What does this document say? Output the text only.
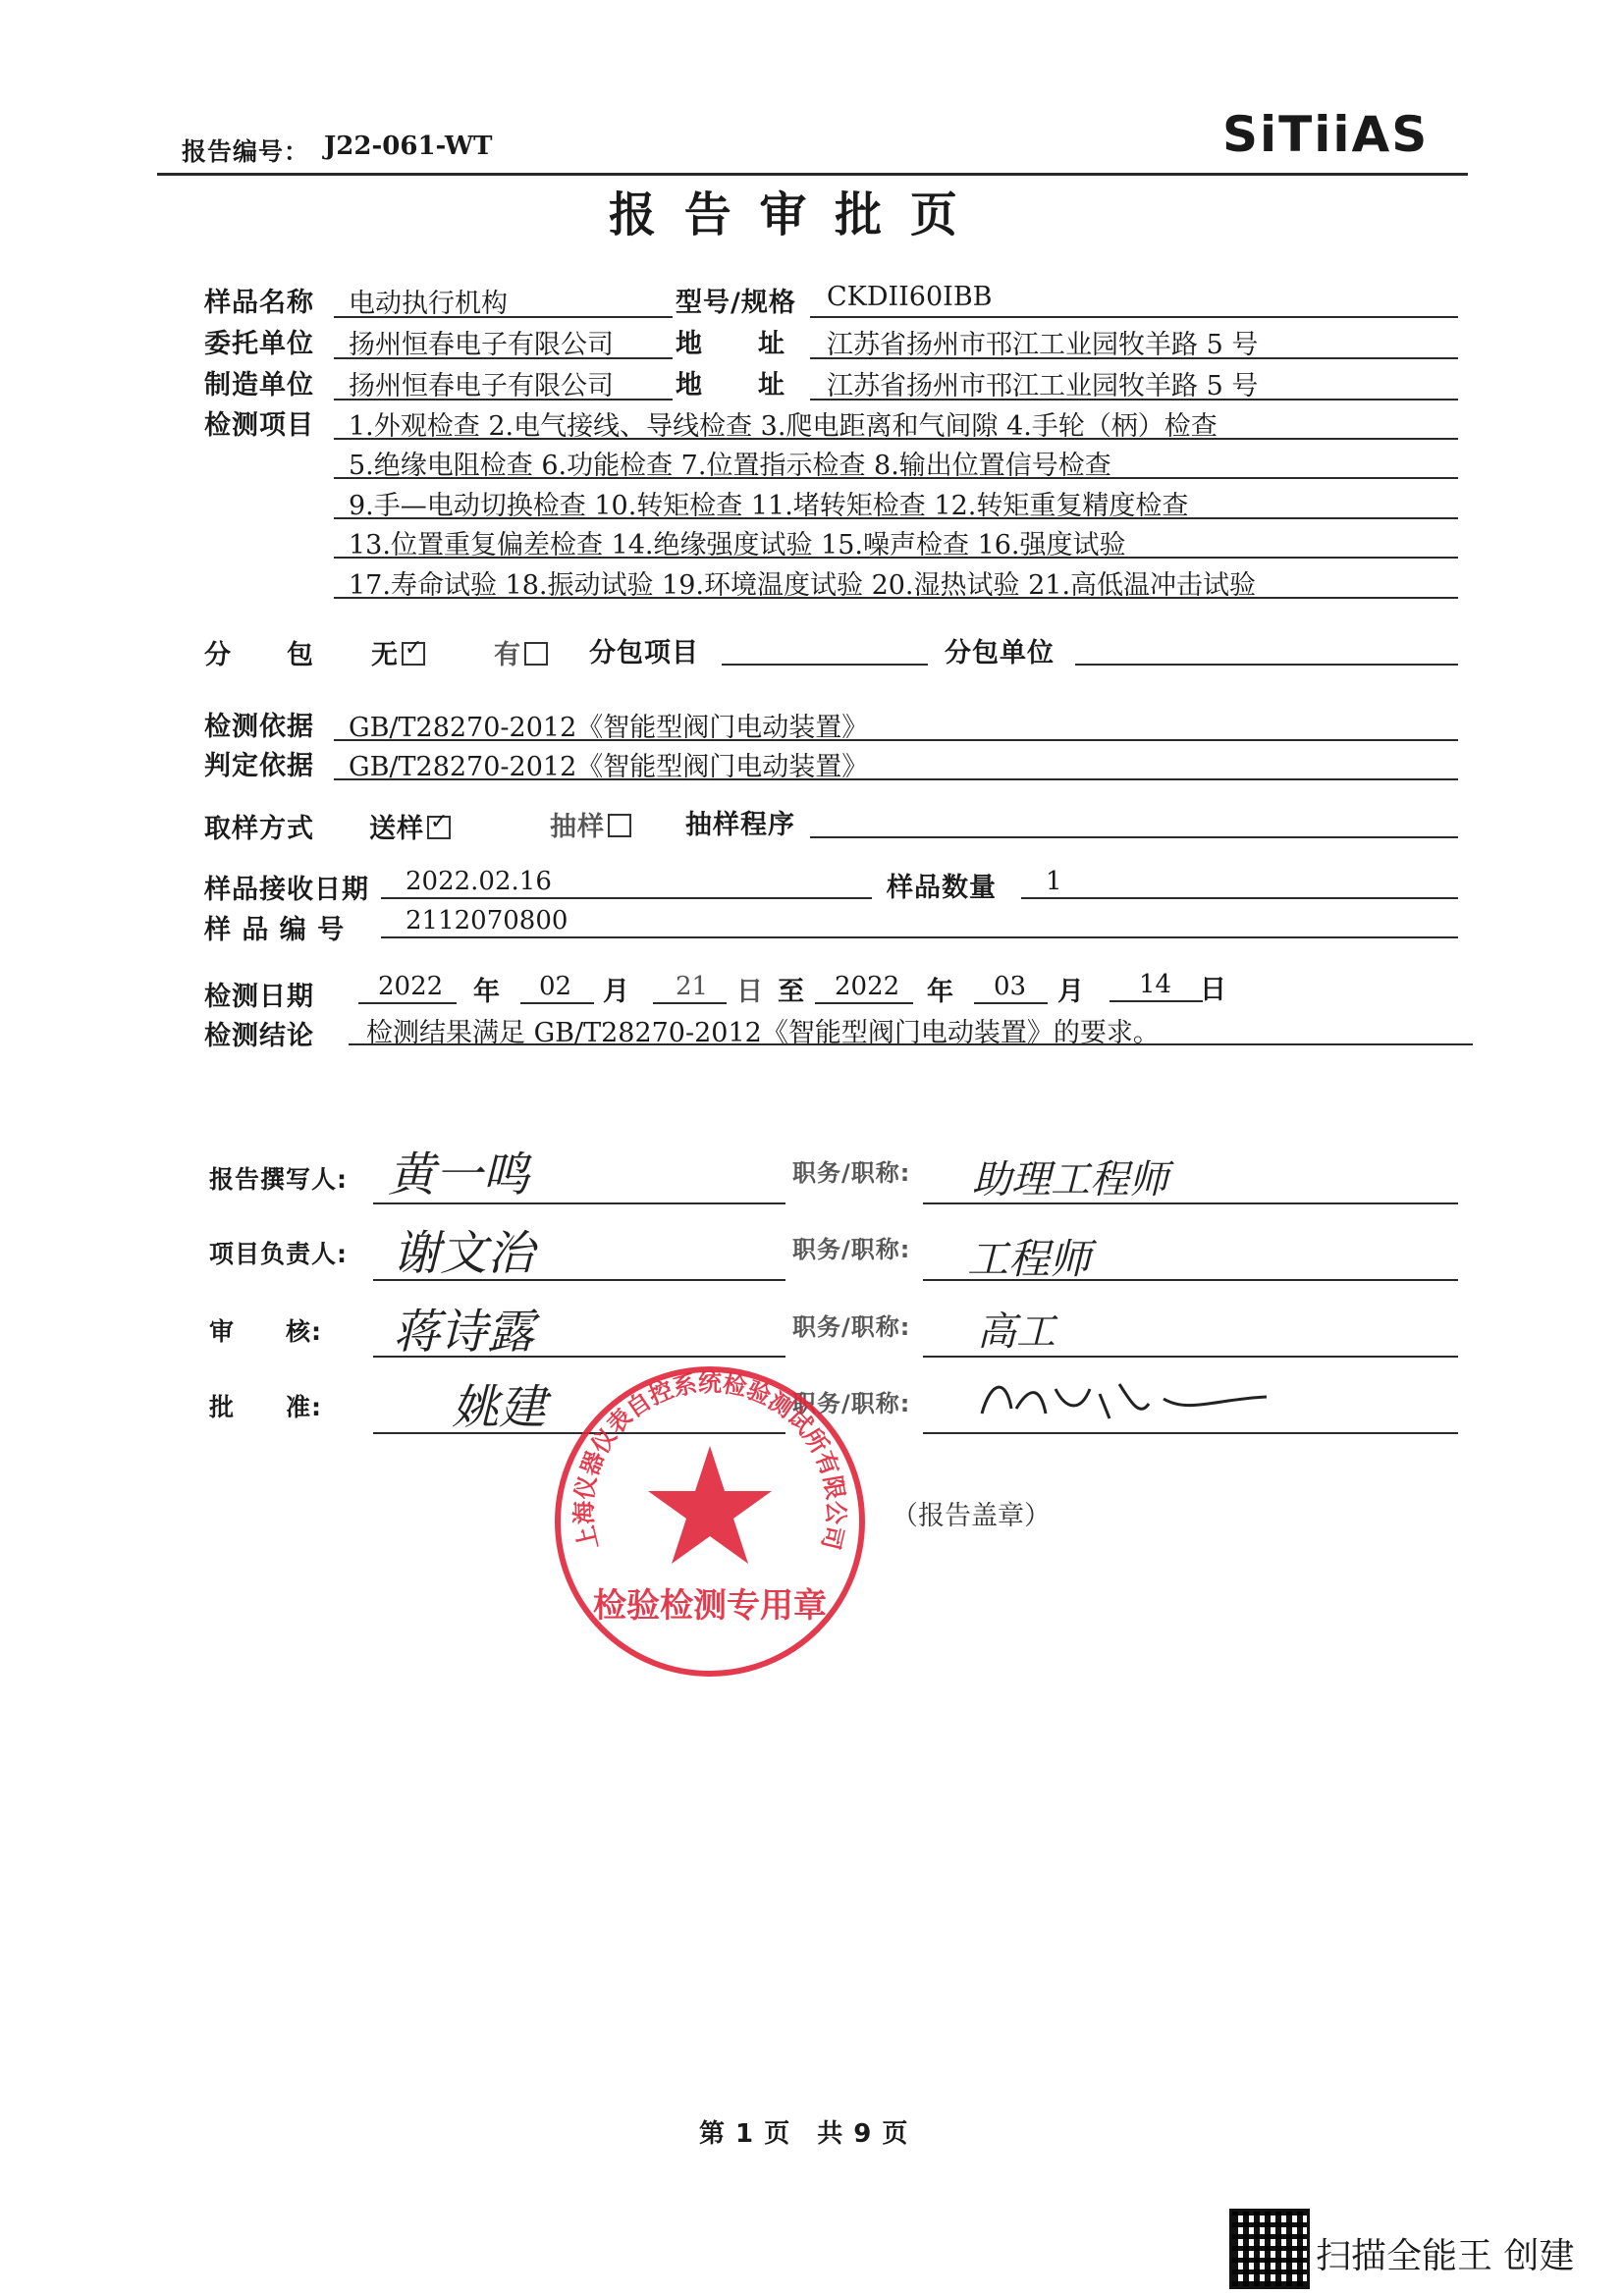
报告编号： J22-061-WT	SiTiiAS
报 告 审 批 页
样品名称 电动执行机构	型号/规格 CKDII60IBB
委托单位 扬州恒春电子有限公司 地　　址 江苏省扬州市邗江工业园牧羊路 5 号
制造单位 扬州恒春电子有限公司 地　　址 江苏省扬州市邗江工业园牧羊路 5 号
检测项目 1.外观检查 2.电气接线、导线检查 3.爬电距离和气间隙 4.手轮（柄）检查
5.绝缘电阻检查 6.功能检查 7.位置指示检查 8.输出位置信号检查
9.手—电动切换检查 10.转矩检查 11.堵转矩检查 12.转矩重复精度检查
13.位置重复偏差检查 14.绝缘强度试验 15.噪声检查 16.强度试验
17.寿命试验 18.振动试验 19.环境温度试验 20.湿热试验 21.高低温冲击试验
分　　包 无 ✓	有	分包项目	分包单位
检测依据 GB/T28270-2012《智能型阀门电动装置》
判定依据 GB/T28270-2012《智能型阀门电动装置》
取样方式 送样 ✓	抽样	抽样程序
样品接收日期 2022.02.16	样品数量 1
样 品 编 号 2112070800
检测日期	2022 年 02 月 21 日 至 2022 年 03 月 14 日
检测结论 检测结果满足 GB/T28270-2012《智能型阀门电动装置》的要求。
报告撰写人: 黄一鸣	职务/职称: 助理工程师
项目负责人: 谢文治	职务/职称: 工程师
审　　核: 蒋诗露	职务/职称: 高工
批　　准:	姚建	职务/职称:
上海仪器仪表自控系统检验测试所有限公司
检验检测专用章
（报告盖章）
第 1 页　共 9 页
扫描全能王 创建
